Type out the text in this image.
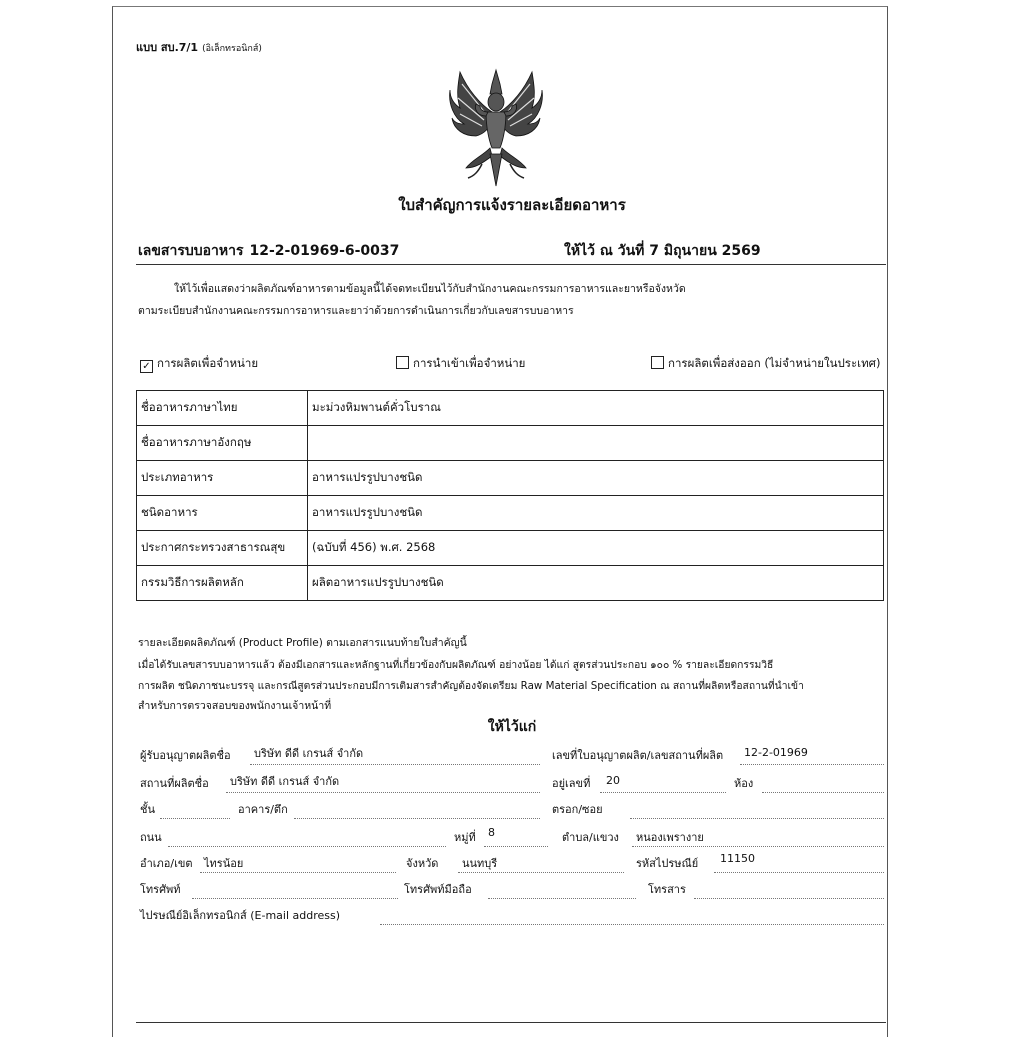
แบบ สบ.7/1 (อิเล็กทรอนิกส์)
ใบสำคัญการแจ้งรายละเอียดอาหาร
เลขสารบบอาหาร 12-2-01969-6-0037	ให้ไว้ ณ วันที่ 7 มิถุนายน 2569
ให้ไว้เพื่อแสดงว่าผลิตภัณฑ์อาหารตามข้อมูลนี้ได้จดทะเบียนไว้กับสำนักงานคณะกรรมการอาหารและยาหรือจังหวัด
ตามระเบียบสำนักงานคณะกรรมการอาหารและยาว่าด้วยการดำเนินการเกี่ยวกับเลขสารบบอาหาร
✓ การผลิตเพื่อจำหน่าย	การนำเข้าเพื่อจำหน่าย	การผลิตเพื่อส่งออก (ไม่จำหน่ายในประเทศ)
ชื่ออาหารภาษาไทย	มะม่วงหิมพานต์คั่วโบราณ
ชื่ออาหารภาษาอังกฤษ	
ประเภทอาหาร	อาหารแปรรูปบางชนิด
ชนิดอาหาร	อาหารแปรรูปบางชนิด
ประกาศกระทรวงสาธารณสุข	(ฉบับที่ 456) พ.ศ. 2568
กรรมวิธีการผลิตหลัก	ผลิตอาหารแปรรูปบางชนิด
รายละเอียดผลิตภัณฑ์ (Product Profile) ตามเอกสารแนบท้ายใบสำคัญนี้
เมื่อได้รับเลขสารบบอาหารแล้ว ต้องมีเอกสารและหลักฐานที่เกี่ยวข้องกับผลิตภัณฑ์ อย่างน้อย ได้แก่ สูตรส่วนประกอบ ๑๐๐ % รายละเอียดกรรมวิธี
การผลิต ชนิดภาชนะบรรจุ และกรณีสูตรส่วนประกอบมีการเติมสารสำคัญต้องจัดเตรียม Raw Material Specification ณ สถานที่ผลิตหรือสถานที่นำเข้า
สำหรับการตรวจสอบของพนักงานเจ้าหน้าที่
ให้ไว้แก่
ผู้รับอนุญาตผลิตชื่อ บริษัท ดีดี เกรนส์ จำกัด	เลขที่ใบอนุญาตผลิต/เลขสถานที่ผลิต 12-2-01969
สถานที่ผลิตชื่อ บริษัท ดีดี เกรนส์ จำกัด	อยู่เลขที่ 20	ห้อง
ชั้น	อาคาร/ตึก	ตรอก/ซอย
ถนน	หมู่ที่ 8	ตำบล/แขวง หนองเพรางาย
อำเภอ/เขต ไทรน้อย	จังหวัด นนทบุรี	รหัสไปรษณีย์ 11150
โทรศัพท์	โทรศัพท์มือถือ	โทรสาร
ไปรษณีย์อิเล็กทรอนิกส์ (E-mail address)
